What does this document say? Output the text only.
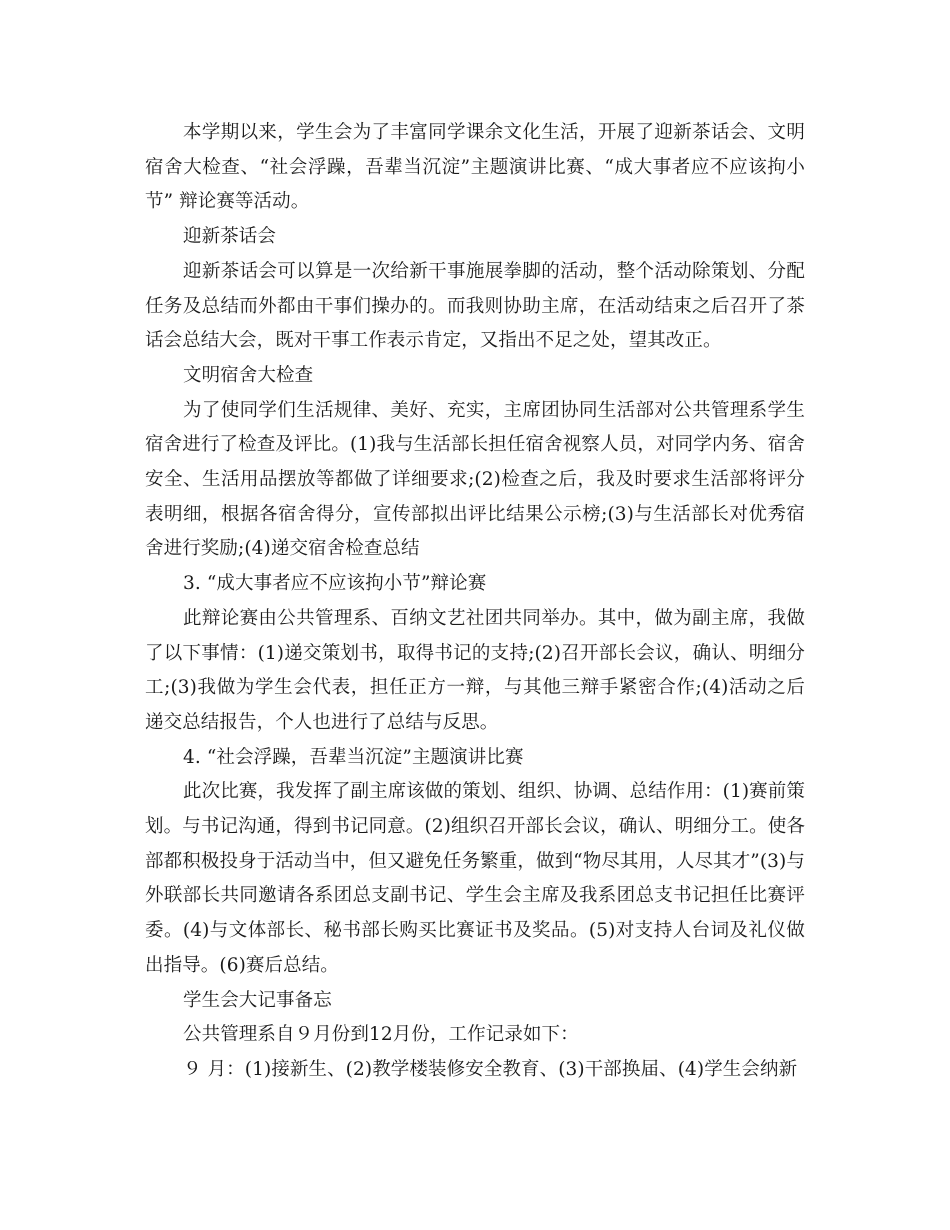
本学期以来，学生会为了丰富同学课余文化生活，开展了迎新茶话会、文明宿舍大检查、“社会浮躁，吾辈当沉淀”主题演讲比赛、“成大事者应不应该拘小节” 辩论赛等活动。

迎新茶话会

迎新茶话会可以算是一次给新干事施展拳脚的活动，整个活动除策划、分配任务及总结而外都由干事们操办的。而我则协助主席，在活动结束之后召开了茶话会总结大会，既对干事工作表示肯定，又指出不足之处，望其改正。

文明宿舍大检查

为了使同学们生活规律、美好、充实，主席团协同生活部对公共管理系学生宿舍进行了检查及评比。(1)我与生活部长担任宿舍视察人员，对同学内务、宿舍安全、生活用品摆放等都做了详细要求;(2)检查之后，我及时要求生活部将评分表明细，根据各宿舍得分，宣传部拟出评比结果公示榜;(3)与生活部长对优秀宿舍进行奖励;(4)递交宿舍检查总结

3. “成大事者应不应该拘小节”辩论赛

此辩论赛由公共管理系、百纳文艺社团共同举办。其中，做为副主席，我做了以下事情：(1)递交策划书，取得书记的支持;(2)召开部长会议，确认、明细分工;(3)我做为学生会代表，担任正方一辩，与其他三辩手紧密合作;(4)活动之后递交总结报告，个人也进行了总结与反思。

4. “社会浮躁，吾辈当沉淀”主题演讲比赛

此次比赛，我发挥了副主席该做的策划、组织、协调、总结作用：(1)赛前策划。与书记沟通，得到书记同意。(2)组织召开部长会议，确认、明细分工。使各部都积极投身于活动当中，但又避免任务繁重，做到“物尽其用，人尽其才”(3)与外联部长共同邀请各系团总支副书记、学生会主席及我系团总支书记担任比赛评委。(4)与文体部长、秘书部长购买比赛证书及奖品。(5)对支持人台词及礼仪做出指导。(6)赛后总结。

学生会大记事备忘

公共管理系自９月份到12月份，工作记录如下：

９ 月：(1)接新生、(2)教学楼装修安全教育、(3)干部换届、(4)学生会纳新
